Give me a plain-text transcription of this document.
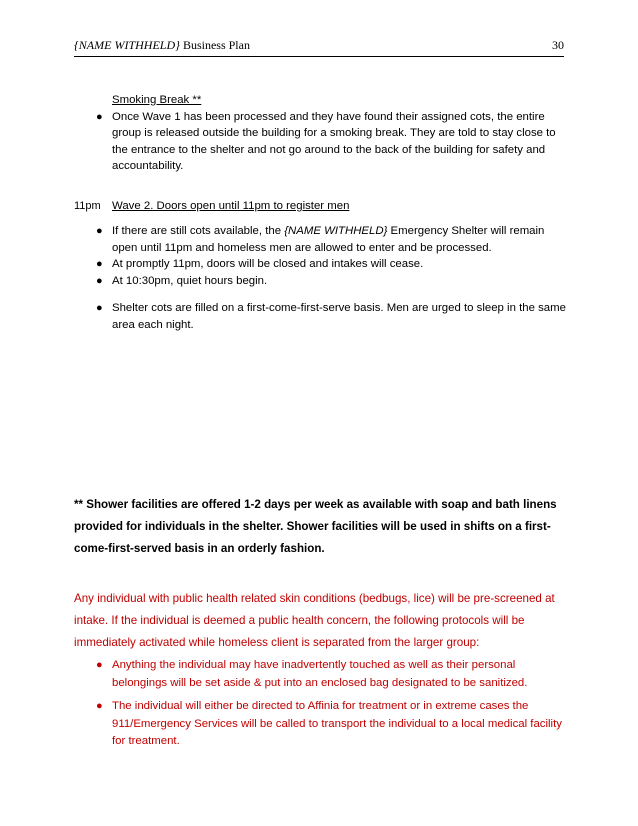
{NAME WITHHELD} Business Plan	30
Smoking Break **
● Once Wave 1 has been processed and they have found their assigned cots, the entire group is released outside the building for a smoking break. They are told to stay close to the entrance to the shelter and not go around to the back of the building for safety and accountability.
11pm Wave 2. Doors open until 11pm to register men
● If there are still cots available, the {NAME WITHHELD} Emergency Shelter will remain open until 11pm and homeless men are allowed to enter and be processed.
● At promptly 11pm, doors will be closed and intakes will cease.
● At 10:30pm, quiet hours begin.
● Shelter cots are filled on a first-come-first-serve basis. Men are urged to sleep in the same area each night.
** Shower facilities are offered 1-2 days per week as available with soap and bath linens provided for individuals in the shelter. Shower facilities will be used in shifts on a first-come-first-served basis in an orderly fashion.
Any individual with public health related skin conditions (bedbugs, lice) will be pre-screened at intake. If the individual is deemed a public health concern, the following protocols will be immediately activated while homeless client is separated from the larger group:
● Anything the individual may have inadvertently touched as well as their personal belongings will be set aside & put into an enclosed bag designated to be sanitized.
● The individual will either be directed to Affinia for treatment or in extreme cases the 911/Emergency Services will be called to transport the individual to a local medical facility for treatment.
